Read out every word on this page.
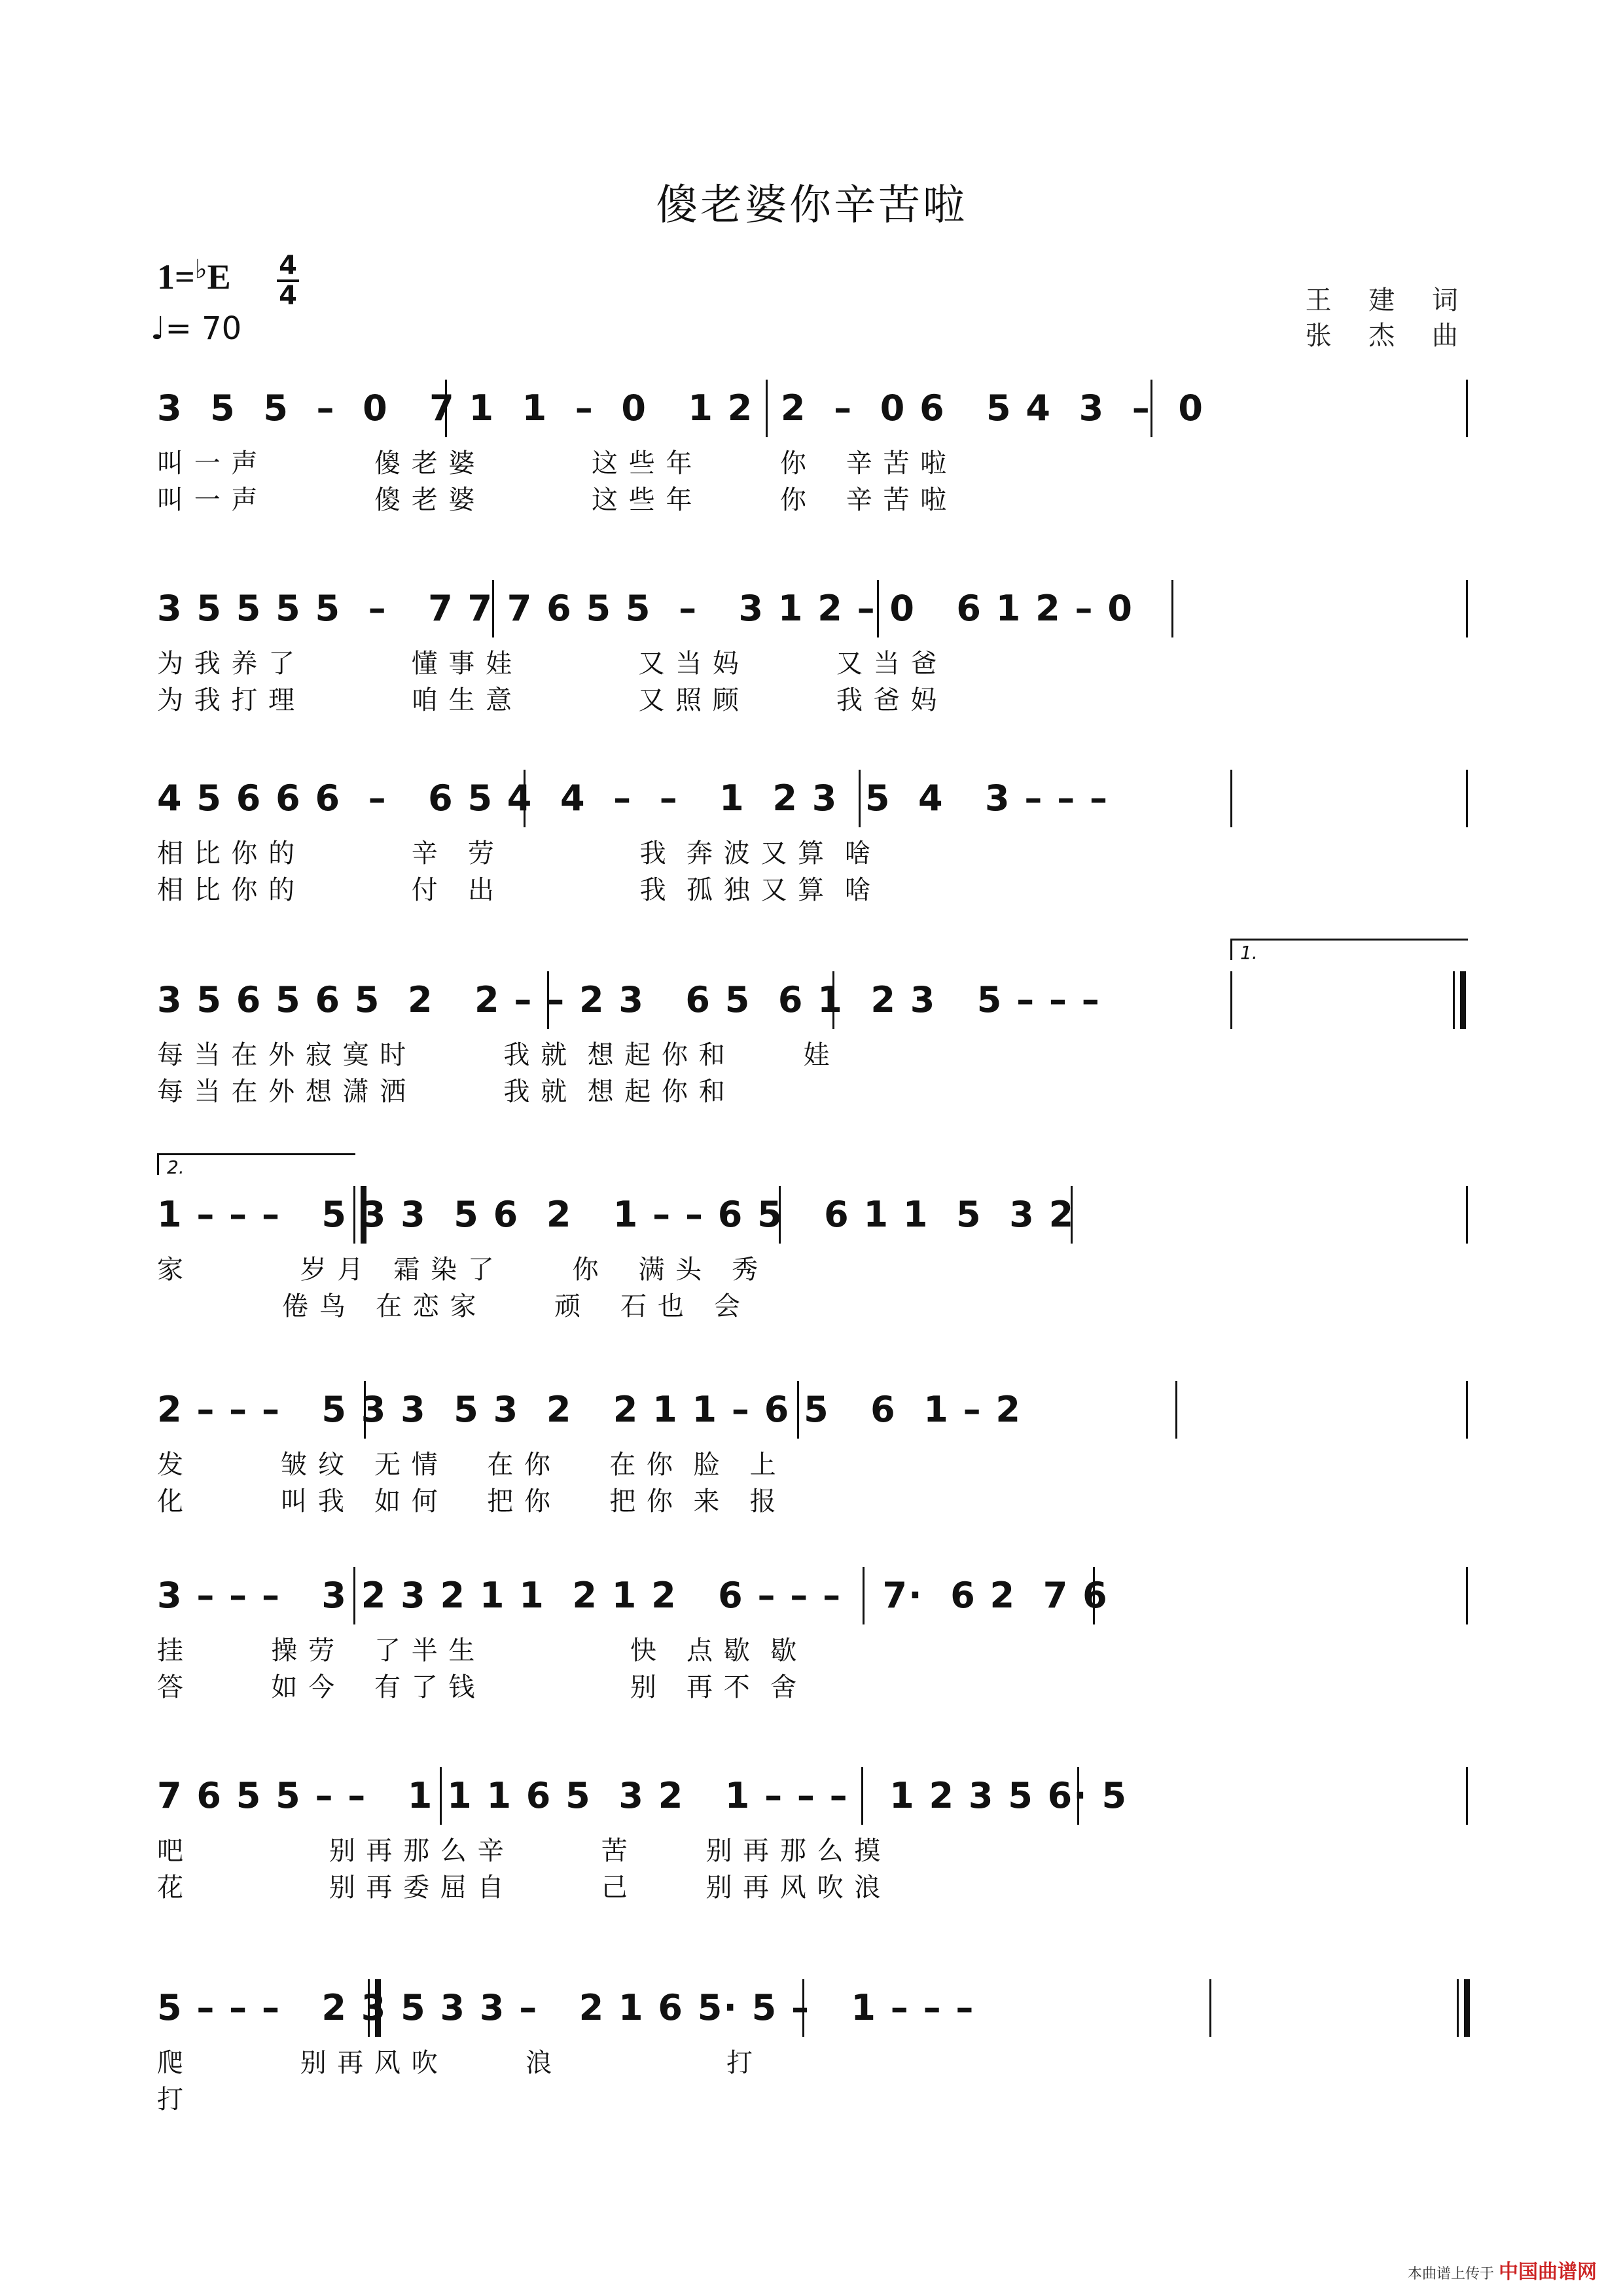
傻老婆你辛苦啦
1=♭E 4
4
♩= 70
王 建 词
张 杰 曲
3  5  5  –  0   7 1  1  –  0   1 2  2  –  0 6   5 4  3  –  0
叫 一 声            傻 老 婆            这 些 年         你    辛 苦 啦
叫 一 声            傻 老 婆            这 些 年         你    辛 苦 啦
3 5 5 5 5  –   7 7 7 6 5 5  –   3 1 2 – 0   6 1 2 – 0
为 我 养 了            懂 事 娃             又 当 妈          又 当 爸
为 我 打 理            咱 生 意             又 照 顾          我 爸 妈
4 5 6 6 6  –   6 5 4  4  –  –   1  2 3  5  4   3 – – –
相 比 你 的            辛   劳               我  奔 波 又 算  啥
相 比 你 的            付   出               我  孤 独 又 算  啥
1.
3 5 6 5 6 5  2   2 – – 2 3   6 5  6 1  2 3   5 – – –
每 当 在 外 寂 寞 时          我 就  想 起 你 和        娃
每 当 在 外 想 潇 洒          我 就  想 起 你 和
2.
1 – – –   5 3 3  5 6  2   1 – – 6 5   6 1 1  5  3 2
家            岁 月   霜 染 了        你    满 头   秀
倦 鸟   在 恋 家        顽    石 也   会
2 – – –   5 3 3  5 3  2   2 1 1 – 6 5   6  1 – 2
发          皱 纹   无 情     在 你      在 你  脸   上
化          叫 我   如 何     把 你      把 你  来   报
3 – – –   3 2 3 2 1 1  2 1 2   6 – – –   7·  6 2  7 6
挂         操 劳    了 半 生                快   点 歇  歇
答         如 今    有 了 钱                别   再 不  舍
7 6 5 5 – –   1 1 1 6 5  3 2   1 – – –   1 2 3 5 6· 5
吧               别 再 那 么 辛          苦        别 再 那 么 摸
花               别 再 委 屈 自          己        别 再 风 吹 浪
5 – – –   2 3 5 3 3 –   2 1 6 5· 5 –   1 – – –
爬            别 再 风 吹         浪                  打
打
本曲谱上传于 中国曲谱网
